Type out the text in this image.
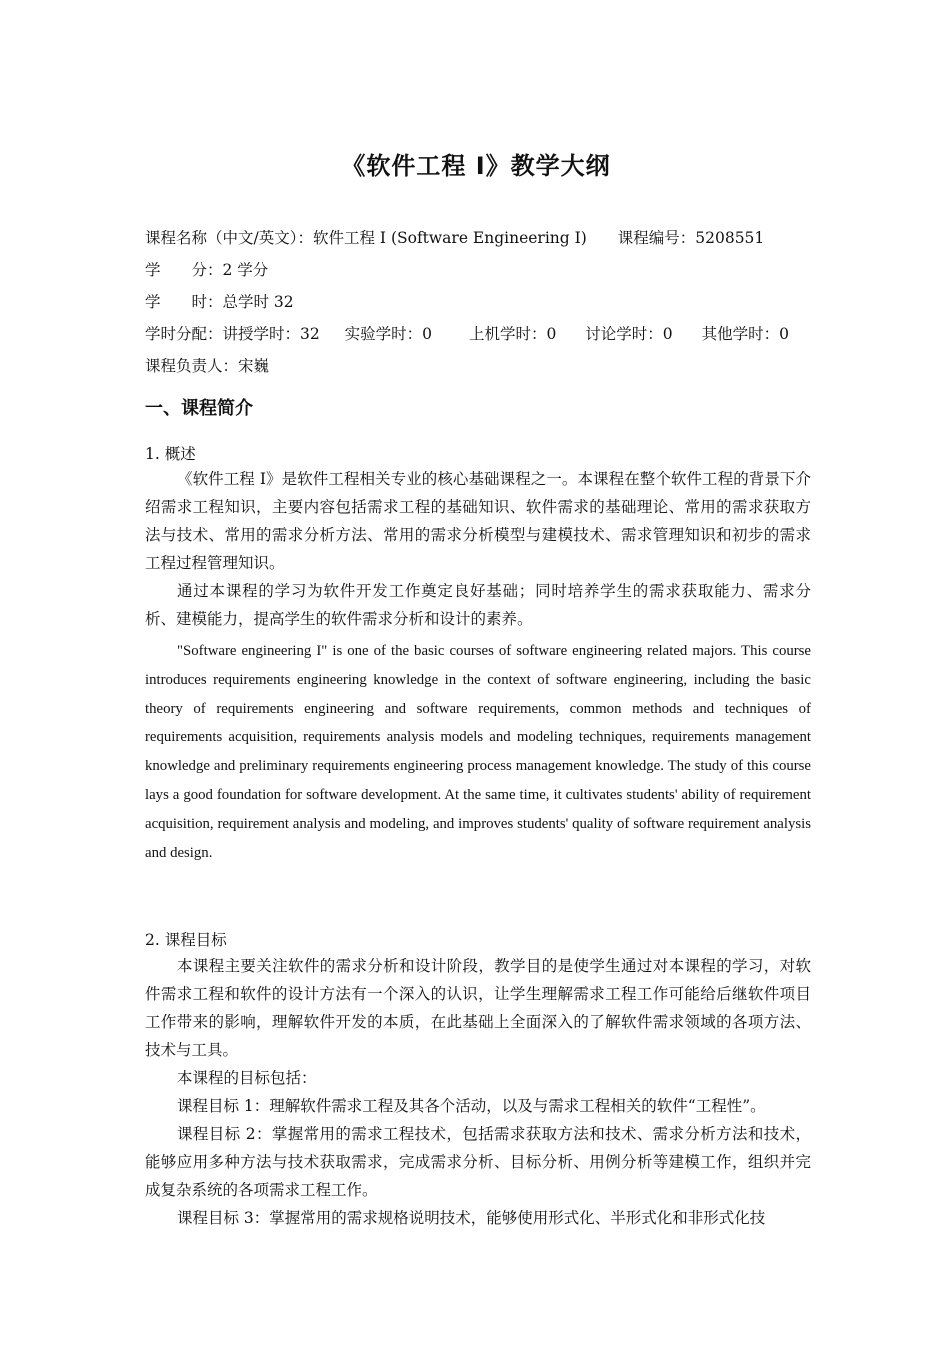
《软件工程 I》教学大纲
课程名称（中文/英文）：软件工程 I (Software Engineering I) 课程编号：5208551
学　　分：2 学分
学　　时：总学时 32
学时分配：讲授学时：32 实验学时：0 上机学时：0 讨论学时：0 其他学时：0
课程负责人：宋巍
一、课程简介
1. 概述

《软件工程 I》是软件工程相关专业的核心基础课程之一。本课程在整个软件工程的背景下介绍需求工程知识，主要内容包括需求工程的基础知识、软件需求的基础理论、常用的需求获取方法与技术、常用的需求分析方法、常用的需求分析模型与建模技术、需求管理知识和初步的需求工程过程管理知识。

通过本课程的学习为软件开发工作奠定良好基础；同时培养学生的需求获取能力、需求分析、建模能力，提高学生的软件需求分析和设计的素养。

"Software engineering I" is one of the basic courses of software engineering related majors. This course introduces requirements engineering knowledge in the context of software engineering, including the basic theory of requirements engineering and software requirements, common methods and techniques of requirements acquisition, requirements analysis models and modeling techniques, requirements management knowledge and preliminary requirements engineering process management knowledge. The study of this course lays a good foundation for software development. At the same time, it cultivates students' ability of requirement acquisition, requirement analysis and modeling, and improves students' quality of software requirement analysis and design.

2. 课程目标

本课程主要关注软件的需求分析和设计阶段，教学目的是使学生通过对本课程的学习，对软件需求工程和软件的设计方法有一个深入的认识，让学生理解需求工程工作可能给后继软件项目工作带来的影响，理解软件开发的本质，在此基础上全面深入的了解软件需求领域的各项方法、技术与工具。

本课程的目标包括：

课程目标 1：理解软件需求工程及其各个活动，以及与需求工程相关的软件“工程性”。

课程目标 2：掌握常用的需求工程技术，包括需求获取方法和技术、需求分析方法和技术，能够应用多种方法与技术获取需求，完成需求分析、目标分析、用例分析等建模工作，组织并完成复杂系统的各项需求工程工作。

课程目标 3：掌握常用的需求规格说明技术，能够使用形式化、半形式化和非形式化技
